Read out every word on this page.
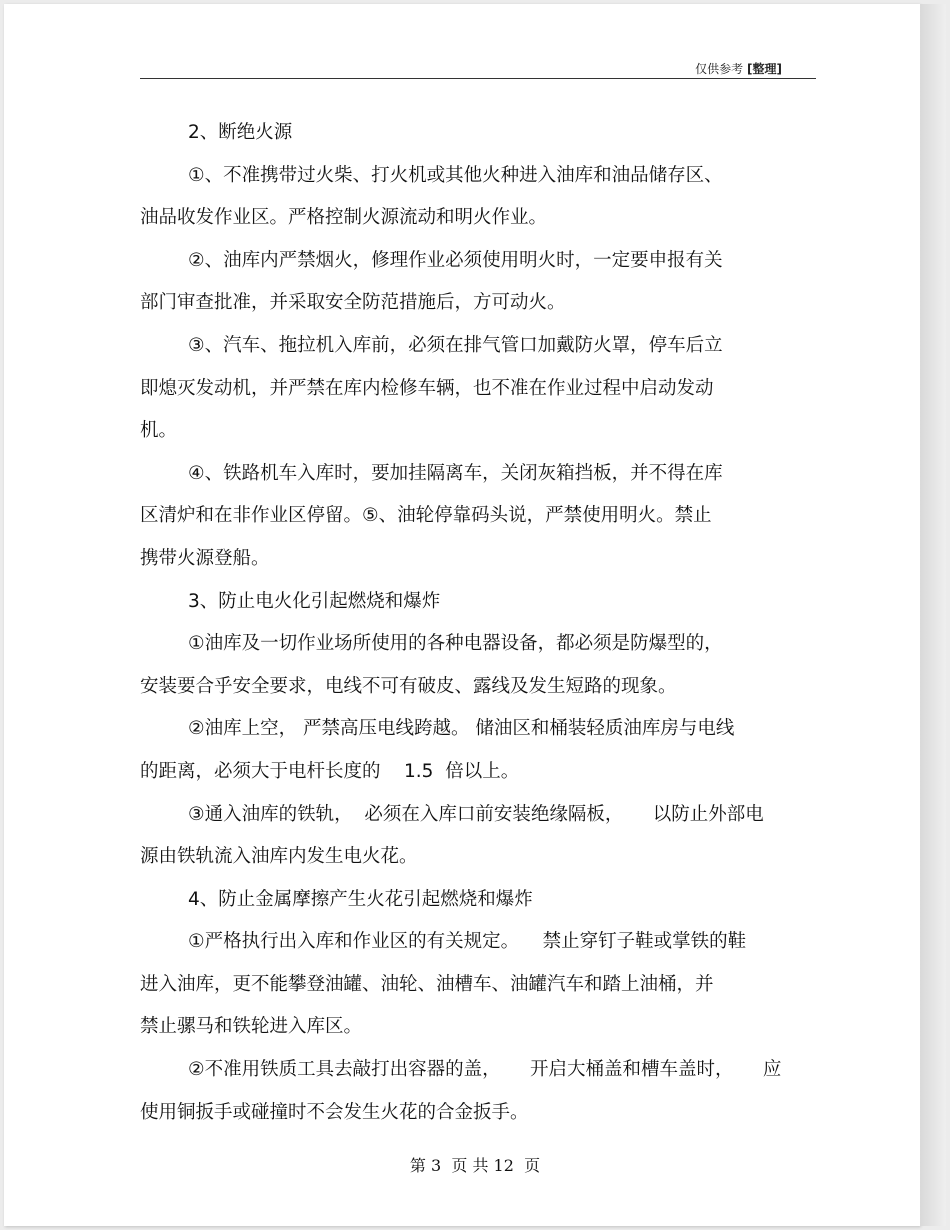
仅供参考 [整理]
2、断绝火源
①、不准携带过火柴、打火机或其他火种进入油库和油品储存区、
油品收发作业区。严格控制火源流动和明火作业。
②、油库内严禁烟火，修理作业必须使用明火时，一定要申报有关
部门审查批准，并采取安全防范措施后，方可动火。
③、汽车、拖拉机入库前，必须在排气管口加戴防火罩，停车后立
即熄灭发动机，并严禁在库内检修车辆，也不准在作业过程中启动发动
机。
④、铁路机车入库时，要加挂隔离车，关闭灰箱挡板，并不得在库
区清炉和在非作业区停留。⑤、油轮停靠码头说，严禁使用明火。禁止
携带火源登船。
3、防止电火化引起燃烧和爆炸
①油库及一切作业场所使用的各种电器设备，都必须是防爆型的，
安装要合乎安全要求，电线不可有破皮、露线及发生短路的现象。
②油库上空， 严禁高压电线跨越。 储油区和桶装轻质油库房与电线
的距离，必须大于电杆长度的    1.5  倍以上。
③通入油库的铁轨，  必须在入库口前安装绝缘隔板，     以防止外部电
源由铁轨流入油库内发生电火花。
4、防止金属摩擦产生火花引起燃烧和爆炸
①严格执行出入库和作业区的有关规定。    禁止穿钉子鞋或掌铁的鞋
进入油库，更不能攀登油罐、油轮、油槽车、油罐汽车和踏上油桶，并
禁止骡马和铁轮进入库区。
②不准用铁质工具去敲打出容器的盖，     开启大桶盖和槽车盖时，     应
使用铜扳手或碰撞时不会发生火花的合金扳手。
第 3  页 共 12  页
